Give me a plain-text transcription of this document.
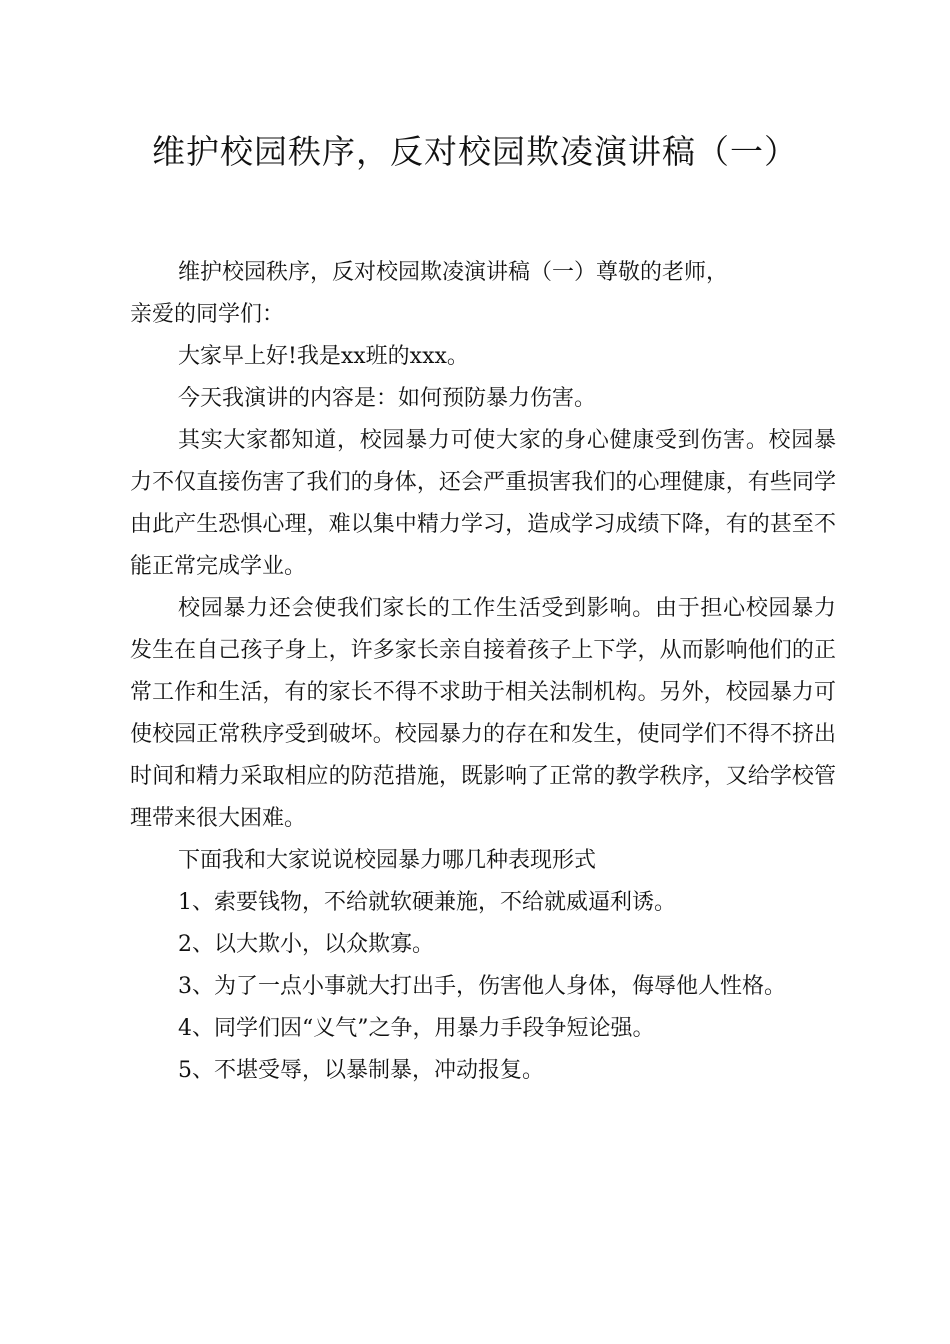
维护校园秩序，反对校园欺凌演讲稿（一）

维护校园秩序，反对校园欺凌演讲稿（一）尊敬的老师，

亲爱的同学们：

大家早上好!我是xx班的xxx。

今天我演讲的内容是：如何预防暴力伤害。

其实大家都知道，校园暴力可使大家的身心健康受到伤害。校园暴力不仅直接伤害了我们的身体，还会严重损害我们的心理健康，有些同学由此产生恐惧心理，难以集中精力学习，造成学习成绩下降，有的甚至不能正常完成学业。

校园暴力还会使我们家长的工作生活受到影响。由于担心校园暴力发生在自己孩子身上，许多家长亲自接着孩子上下学，从而影响他们的正常工作和生活，有的家长不得不求助于相关法制机构。另外，校园暴力可使校园正常秩序受到破坏。校园暴力的存在和发生，使同学们不得不挤出时间和精力采取相应的防范措施，既影响了正常的教学秩序，又给学校管理带来很大困难。

下面我和大家说说校园暴力哪几种表现形式

1、索要钱物，不给就软硬兼施，不给就威逼利诱。

2、以大欺小，以众欺寡。

3、为了一点小事就大打出手，伤害他人身体，侮辱他人性格。

4、同学们因“义气”之争，用暴力手段争短论强。

5、不堪受辱，以暴制暴，冲动报复。
